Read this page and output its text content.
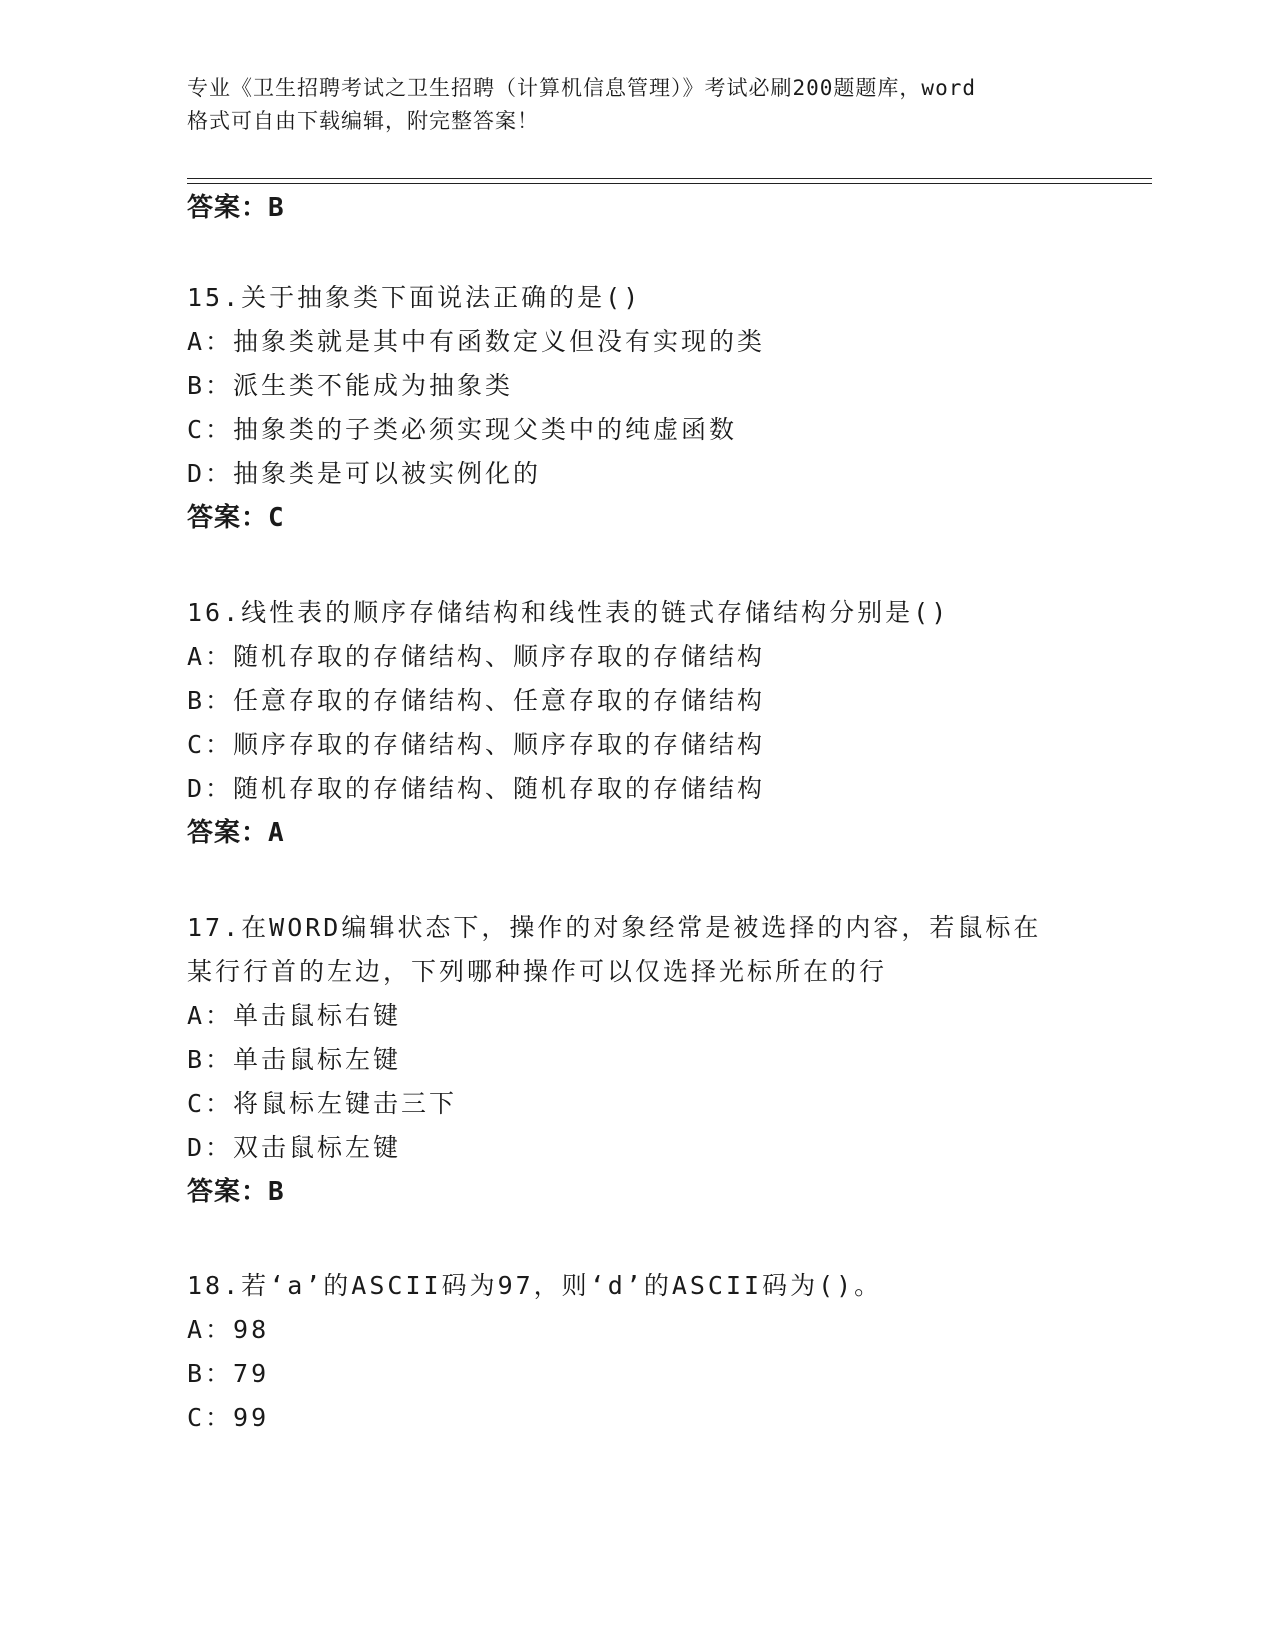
专业《卫生招聘考试之卫生招聘（计算机信息管理）》考试必刷200题题库，word
格式可自由下载编辑，附完整答案！
答案：B
15.关于抽象类下面说法正确的是()
A：抽象类就是其中有函数定义但没有实现的类
B：派生类不能成为抽象类
C：抽象类的子类必须实现父类中的纯虚函数
D：抽象类是可以被实例化的
答案：C
16.线性表的顺序存储结构和线性表的链式存储结构分别是()
A：随机存取的存储结构、顺序存取的存储结构
B：任意存取的存储结构、任意存取的存储结构
C：顺序存取的存储结构、顺序存取的存储结构
D：随机存取的存储结构、随机存取的存储结构
答案：A
17.在WORD编辑状态下，操作的对象经常是被选择的内容，若鼠标在
某行行首的左边，下列哪种操作可以仅选择光标所在的行
A：单击鼠标右键
B：单击鼠标左键
C：将鼠标左键击三下
D：双击鼠标左键
答案：B
18.若‘a’的ASCII码为97，则‘d’的ASCII码为()。
A：98
B：79
C：99
